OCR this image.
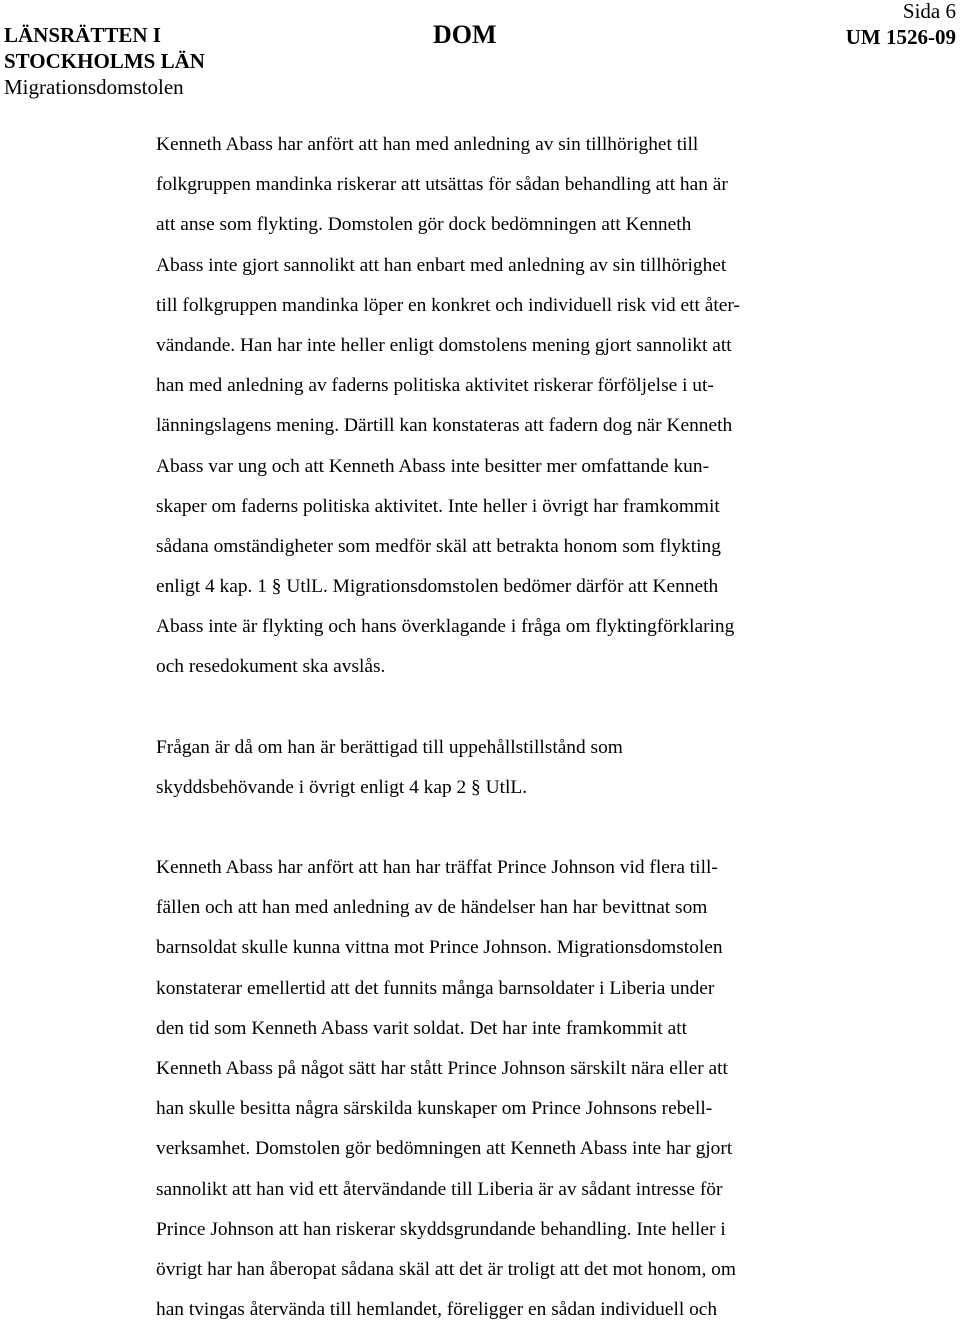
LÄNSRÄTTEN I
STOCKHOLMS LÄN
Migrationsdomstolen
DOM
Sida 6
UM 1526-09
Kenneth Abass har anfört att han med anledning av sin tillhörighet till
folkgruppen mandinka riskerar att utsättas för sådan behandling att han är
att anse som flykting. Domstolen gör dock bedömningen att Kenneth
Abass inte gjort sannolikt att han enbart med anledning av sin tillhörighet
till folkgruppen mandinka löper en konkret och individuell risk vid ett åter-
vändande. Han har inte heller enligt domstolens mening gjort sannolikt att
han med anledning av faderns politiska aktivitet riskerar förföljelse i ut-
länningslagens mening. Därtill kan konstateras att fadern dog när Kenneth
Abass var ung och att Kenneth Abass inte besitter mer omfattande kun-
skaper om faderns politiska aktivitet. Inte heller i övrigt har framkommit
sådana omständigheter som medför skäl att betrakta honom som flykting
enligt 4 kap. 1 § UtlL. Migrationsdomstolen bedömer därför att Kenneth
Abass inte är flykting och hans överklagande i fråga om flyktingförklaring
och resedokument ska avslås.
Frågan är då om han är berättigad till uppehållstillstånd som
skyddsbehövande i övrigt enligt 4 kap 2 § UtlL.
Kenneth Abass har anfört att han har träffat Prince Johnson vid flera till-
fällen och att han med anledning av de händelser han har bevittnat som
barnsoldat skulle kunna vittna mot Prince Johnson. Migrationsdomstolen
konstaterar emellertid att det funnits många barnsoldater i Liberia under
den tid som Kenneth Abass varit soldat. Det har inte framkommit att
Kenneth Abass på något sätt har stått Prince Johnson särskilt nära eller att
han skulle besitta några särskilda kunskaper om Prince Johnsons rebell-
verksamhet. Domstolen gör bedömningen att Kenneth Abass inte har gjort
sannolikt att han vid ett återvändande till Liberia är av sådant intresse för
Prince Johnson att han riskerar skyddsgrundande behandling. Inte heller i
övrigt har han åberopat sådana skäl att det är troligt att det mot honom, om
han tvingas återvända till hemlandet, föreligger en sådan individuell och
